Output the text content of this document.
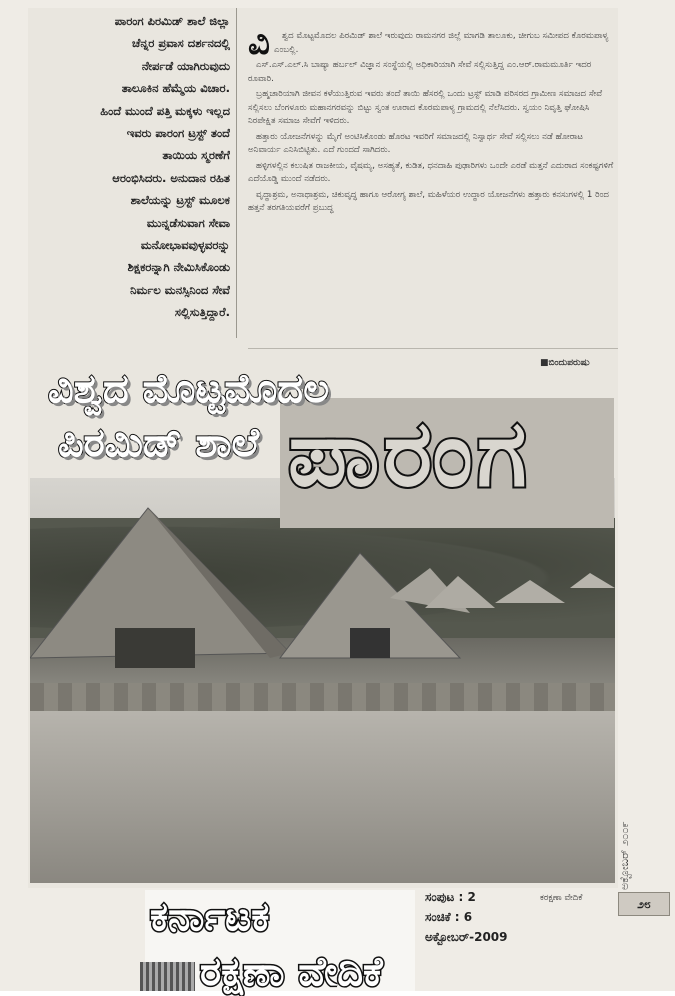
ಪಾರಂಗ ಪಿರಮಿಡ್ ಶಾಲೆ ಜಿಲ್ಲಾ
ಚೆನ್ನರ ಪ್ರವಾಸ ದರ್ಶನದಲ್ಲಿ
ನೇರ್ಪಡೆ ಯಾಗಿರುವುದು
ತಾಲೂಕಿನ ಹೆಮ್ಮೆಯ ವಿಚಾರ.
ಹಿಂದೆ ಮುಂದೆ ಪತ್ತಿ ಮಕ್ಕಳು ಇಲ್ಲದ
ಇವರು ಪಾರಂಗ ಟ್ರಸ್ಟ್ ತಂದೆ
ತಾಯಿಯ ಸ್ಮರಣೆಗೆ
ಆರಂಭಿಸಿದರು. ಅನುದಾನ ರಹಿತ
ಶಾಲೆಯನ್ನು ಟ್ರಸ್ಟ್ ಮೂಲಕ
ಮುನ್ನಡೆಸುವಾಗ ಸೇವಾ
ಮನೋಭಾವವುಳ್ಳವರನ್ನು
ಶಿಕ್ಷಕರನ್ನಾಗಿ ನೇಮಿಸಿಕೊಂಡು
ನಿರ್ಮಲ ಮನಸ್ಸಿನಿಂದ ಸೇವೆ
ಸಲ್ಲಿಸುತ್ತಿದ್ದಾರೆ.
ವಿ	ಶ್ವದ ಮೊಟ್ಟಮೊದಲ ಪಿರಮಿಡ್ ಶಾಲೆ ಇರುವುದು ರಾಮನಗರ ಜಿಲ್ಲೆ ಮಾಗಡಿ ತಾಲೂಕು, ಚೀಗುಬ ಸಮೀಪದ ಕೊರಮಪಾಳ್ಯ ಎಂಬಲ್ಲಿ.

ಎಸ್.ಎಸ್.ಎಲ್.ಸಿ ಬಾಷ್ಯಾ ಹರ್ಬಲ್ ವಿಜ್ಞಾನ ಸಂಸ್ಥೆಯಲ್ಲಿ ಅಧಿಕಾರಿಯಾಗಿ ಸೇವೆ ಸಲ್ಲಿಸುತ್ತಿದ್ದ ಎಂ.ಆರ್.ರಾಮಮೂರ್ತಿ ಇದರ ರೂವಾರಿ.

ಬ್ರಹ್ಮಚಾರಿಯಾಗಿ ಜೀವನ ಕಳೆಯುತ್ತಿರುವ ಇವರು ತಂದೆ ತಾಯಿ ಹೆಸರಲ್ಲಿ ಒಂದು ಟ್ರಸ್ಟ್ ಮಾಡಿ ಪರಿಸರದ ಗ್ರಾಮೀಣ ಸಮಾಜದ ಸೇವೆ ಸಲ್ಲಿಸಲು ಬೆಂಗಳೂರು ಮಹಾನಗರವನ್ನು ಬಿಟ್ಟು ಸ್ವಂತ ಊರಾದ ಕೊರಮಪಾಳ್ಯ ಗ್ರಾಮದಲ್ಲಿ ನೆಲೆಸಿದರು. ಸ್ವಯಂ ನಿವೃತ್ತಿ ಘೋಷಿಸಿ ನಿರಪೇಕ್ಷಿತ ಸಮಾಜ ಸೇವೆಗೆ ಇಳಿದರು.

ಹತ್ತಾರು ಯೋಜನೆಗಳನ್ನು ಮೈಗೆ ಅಂಟಿಸಿಕೊಂಡು ಹೊರಟ ಇವರಿಗೆ ಸಮಾಜದಲ್ಲಿ ನಿಸ್ವಾರ್ಥ ಸೇವೆ ಸಲ್ಲಿಸಲು ನಡೆ ಹೋರಾಟ ಅನಿವಾರ್ಯ ಎನಿಸಿಬಿಟ್ಟಿತು. ಎದೆ ಗುಂದದೆ ಸಾಗಿದರು.

ಹಳ್ಳಿಗಳಲ್ಲಿನ ಕಲುಷಿತ ರಾಜಕೀಯ, ವೈಷಮ್ಯ, ಅಸಹ್ಯತೆ, ಕುಡಿತ, ಧನದಾಹಿ ಪುಢಾರಿಗಳು ಒಂದೇ ಎರಡೆ ಮತ್ತನೆ ಎದುರಾದ ಸಂಕಷ್ಟಗಳಿಗೆ ಎದೆಯೊಡ್ಡಿ ಮುಂದೆ ನಡೆದರು.

ವೃದ್ಧಾಶ್ರಮ, ಅನಾಥಾಶ್ರಮ, ಚಿಕುವೃದ್ಧ ಹಾಗೂ ಆರೋಗ್ಯ ಶಾಲೆ, ಮಹಿಳೆಯರ ಉದ್ಧಾರ ಯೋಜನೆಗಳು ಹತ್ತಾರು ಕನಸುಗಳಲ್ಲಿ 1 ರಿಂದ ಹತ್ತನೆ ತರಗತಿಯವರೆಗೆ ಪ್ರಬುದ್ಧ

■ಬಿಂದುಪರುಷು
ಪಾರಂಗ
ವಿಶ್ವದ ಮೊಟ್ಟಮೊದಲ
ಪಿರಮಿಡ್ ಶಾಲೆ
ಅಕ್ಟೋಬರ್ ೨೦೦೯
ಕರ್ನಾಟಕ
ರಕ್ಷಣಾ ವೇದಿಕೆ
ಸಂಪುಟ : 2
ಸಂಚಿಕೆ : 6
ಅಕ್ಟೋಬರ್-2009
ಕರಕ್ಷಣಾ ವೇದಿಕೆ	೨೮
